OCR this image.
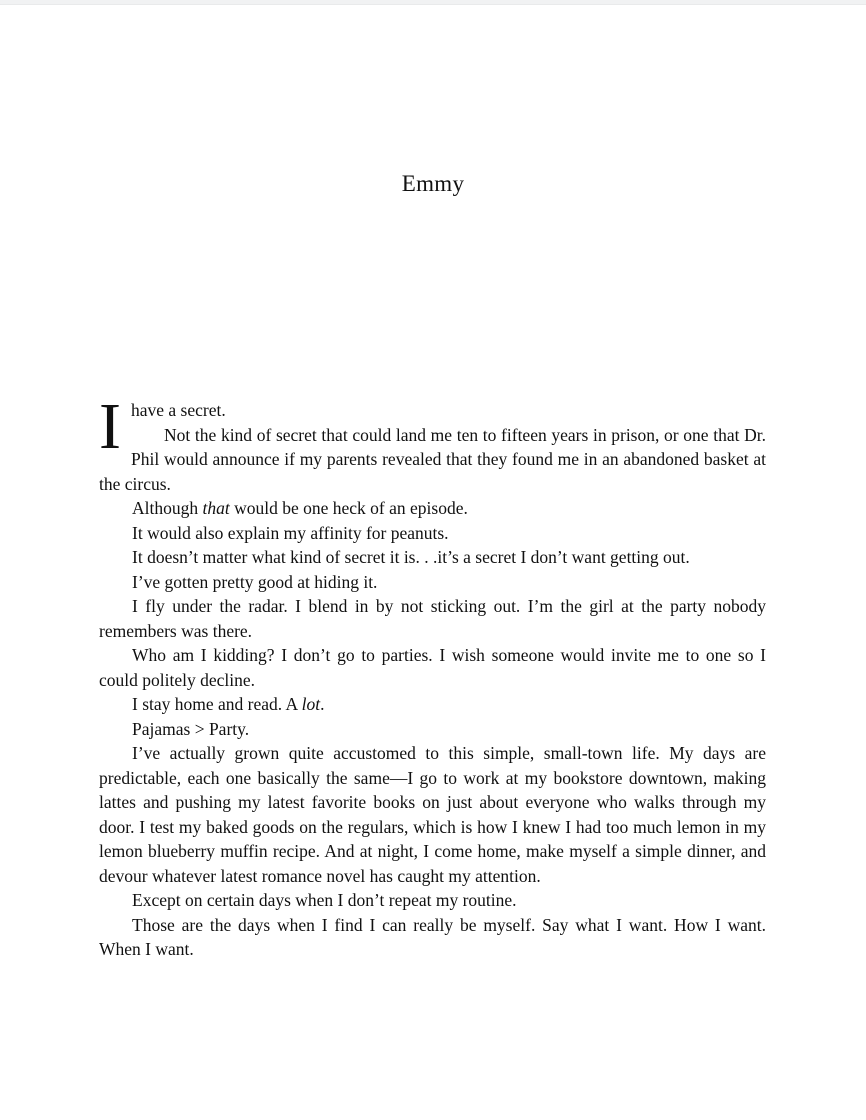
Emmy

Ihave a secret.

Not the kind of secret that could land me ten to fifteen years in prison, or one that Dr. Phil would announce if my parents revealed that they found me in an abandoned basket at the circus.

Although that would be one heck of an episode.

It would also explain my affinity for peanuts.

It doesn’t matter what kind of secret it is. . .it’s a secret I don’t want getting out.

I’ve gotten pretty good at hiding it.

I fly under the radar. I blend in by not sticking out. I’m the girl at the party nobody remembers was there.

Who am I kidding? I don’t go to parties. I wish someone would invite me to one so I could politely decline.

I stay home and read. A lot.

Pajamas > Party.

I’ve actually grown quite accustomed to this simple, small-town life. My days are predictable, each one basically the same—I go to work at my bookstore downtown, making lattes and pushing my latest favorite books on just about everyone who walks through my door. I test my baked goods on the regulars, which is how I knew I had too much lemon in my lemon blueberry muffin recipe. And at night, I come home, make myself a simple dinner, and devour whatever latest romance novel has caught my attention.

Except on certain days when I don’t repeat my routine.

Those are the days when I find I can really be myself. Say what I want. How I want. When I want.
